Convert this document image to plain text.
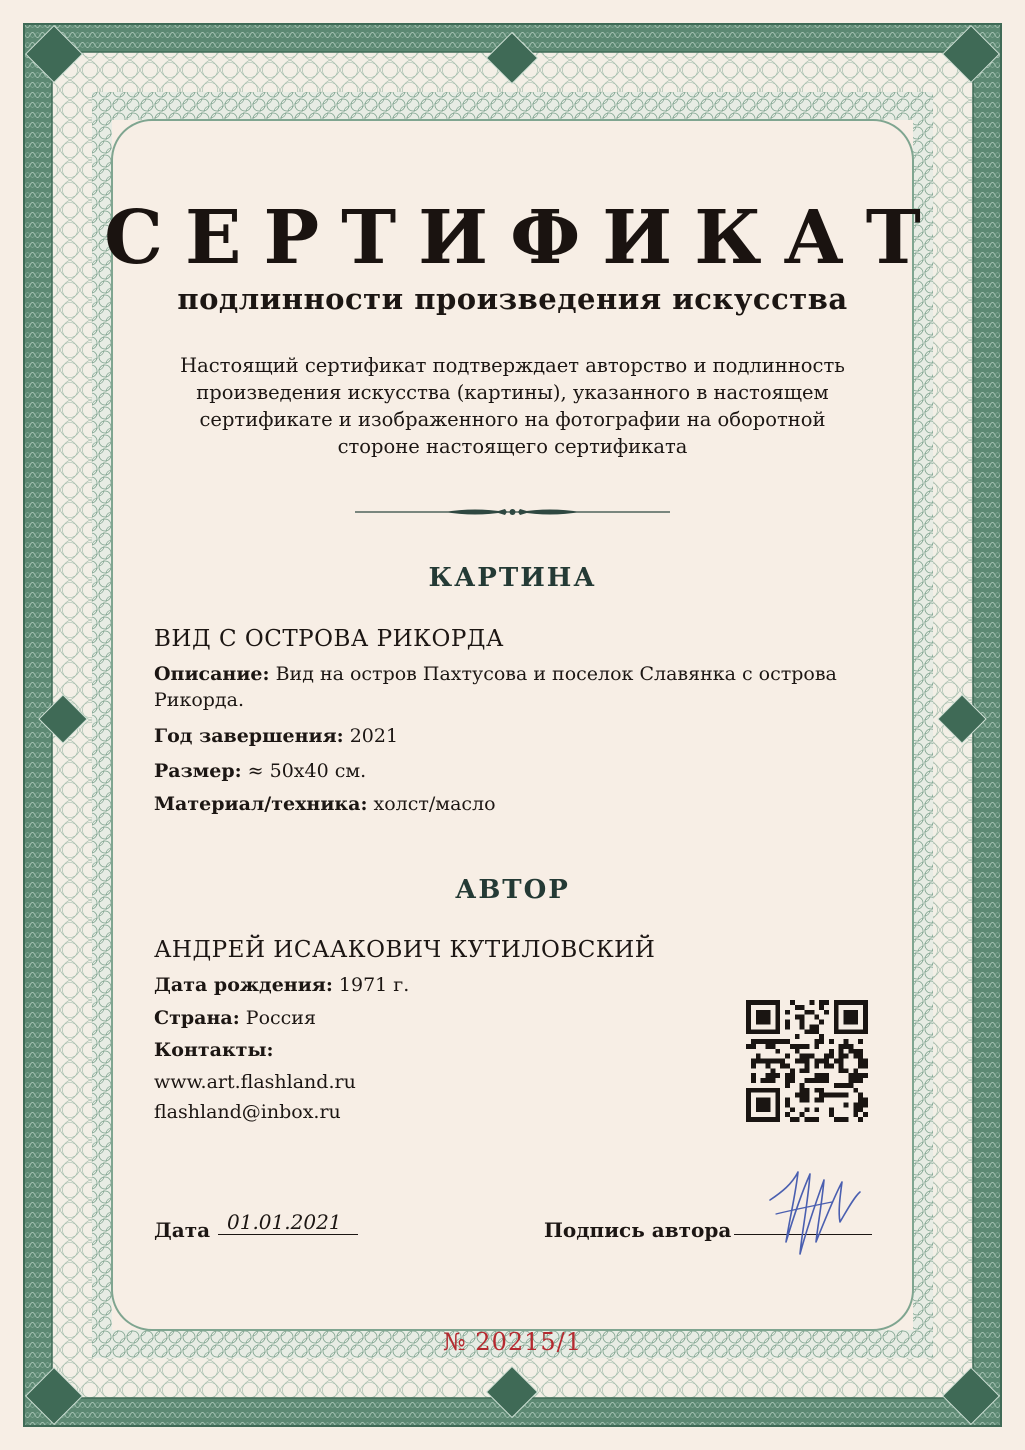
СЕРТИФИКАТ
подлинности произведения искусства
Настоящий сертификат подтверждает авторство и подлинность произведения искусства (картины), указанного в настоящем сертификате и изображенного на фотографии на оборотной стороне настоящего сертификата
КАРТИНА
ВИД С ОСТРОВА РИКОРДА
Описание: Вид на остров Пахтусова и поселок Славянка с острова
Рикорда.
Год завершения: 2021
Размер: ≈ 50х40 см.
Материал/техника: холст/масло
АВТОР
АНДРЕЙ ИСААКОВИЧ КУТИЛОВСКИЙ
Дата рождения: 1971 г.
Страна: Россия
Контакты:
www.art.flashland.ru
flashland@inbox.ru
Дата 01.01.2021	Подпись автора
№ 20215/1
